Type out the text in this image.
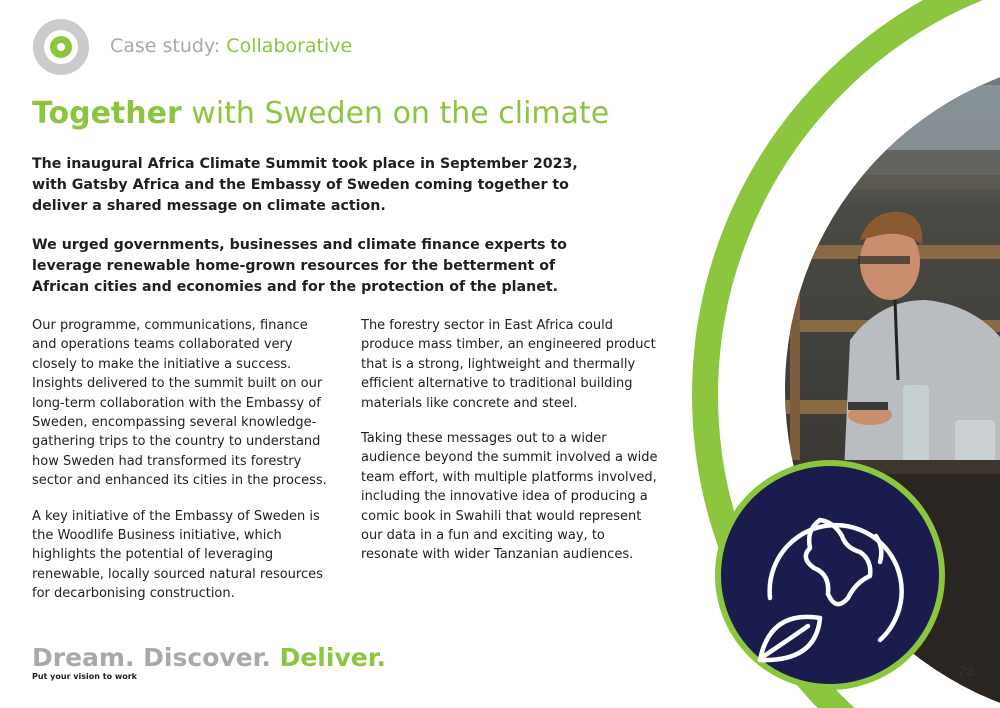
Case study: Collaborative
Together with Sweden on the climate

The inaugural Africa Climate Summit took place in September 2023, with Gatsby Africa and the Embassy of Sweden coming together to deliver a shared message on climate action.

We urged governments, businesses and climate finance experts to leverage renewable home-grown resources for the betterment of African cities and economies and for the protection of the planet.

Our programme, communications, finance and operations teams collaborated very closely to make the initiative a success. Insights delivered to the summit built on our long-term collaboration with the Embassy of Sweden, encompassing several knowledge-gathering trips to the country to understand how Sweden had transformed its forestry sector and enhanced its cities in the process.

A key initiative of the Embassy of Sweden is the Woodlife Business initiative, which highlights the potential of leveraging renewable, locally sourced natural resources for decarbonising construction.

The forestry sector in East Africa could produce mass timber, an engineered product that is a strong, lightweight and thermally efficient alternative to traditional building materials like concrete and steel.

Taking these messages out to a wider audience beyond the summit involved a wide team effort, with multiple platforms involved, including the innovative idea of producing a comic book in Swahili that would represent our data in a fun and exciting way, to resonate with wider Tanzanian audiences.

Dream. Discover. Deliver.
Put your vision to work	28
